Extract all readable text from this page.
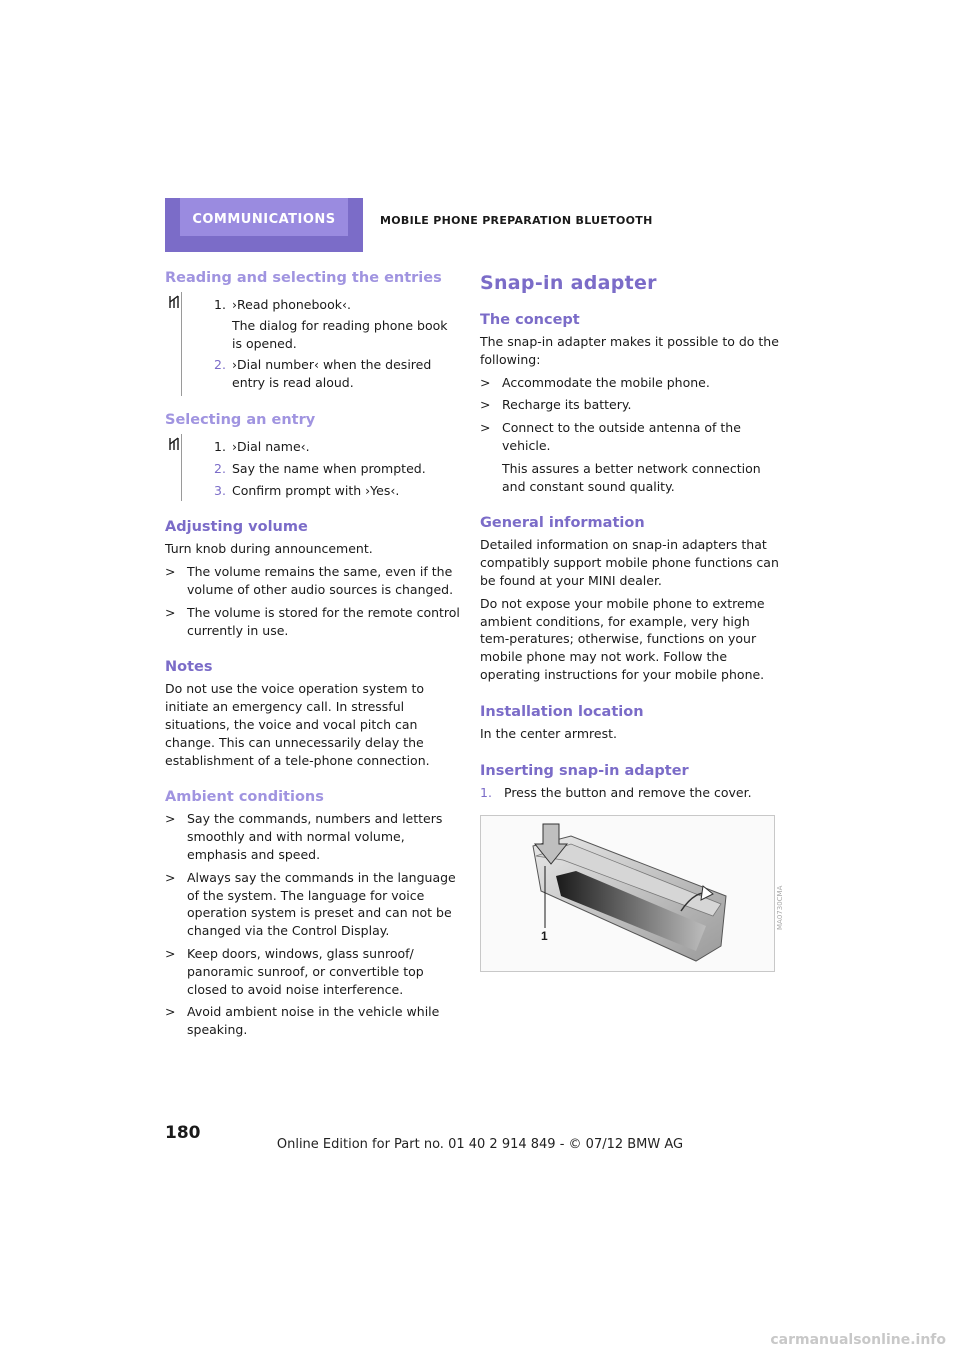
COMMUNICATIONS	MOBILE PHONE PREPARATION BLUETOOTH
Reading and selecting the entries
1. ›Read phonebook‹.
The dialog for reading phone book is opened.
2. ›Dial number‹ when the desired entry is read aloud.
Selecting an entry
1. ›Dial name‹.
2. Say the name when prompted.
3. Confirm prompt with ›Yes‹.
Adjusting volume

Turn knob during announcement.

> The volume remains the same, even if the volume of other audio sources is changed.
> The volume is stored for the remote control currently in use.
Notes

Do not use the voice operation system to initiate an emergency call. In stressful situations, the voice and vocal pitch can change. This can unnecessarily delay the establishment of a tele-phone connection.

Ambient conditions
> Say the commands, numbers and letters smoothly and with normal volume, emphasis and speed.
> Always say the commands in the language of the system. The language for voice operation system is preset and can not be changed via the Control Display.
> Keep doors, windows, glass sunroof/ panoramic sunroof, or convertible top closed to avoid noise interference.
> Avoid ambient noise in the vehicle while speaking.
Snap-in adapter
The concept

The snap-in adapter makes it possible to do the following:

> Accommodate the mobile phone.
> Recharge its battery.
> Connect to the outside antenna of the vehicle.

This assures a better network connection and constant sound quality.

General information

Detailed information on snap-in adapters that compatibly support mobile phone functions can be found at your MINI dealer.

Do not expose your mobile phone to extreme ambient conditions, for example, very high tem-peratures; otherwise, functions on your mobile phone may not work. Follow the operating instructions for your mobile phone.

Installation location

In the center armrest.

Inserting snap-in adapter
1. Press the button and remove the cover.
1
MA0730CMA
180
Online Edition for Part no. 01 40 2 914 849 - © 07/12 BMW AG
carmanualsonline.info
